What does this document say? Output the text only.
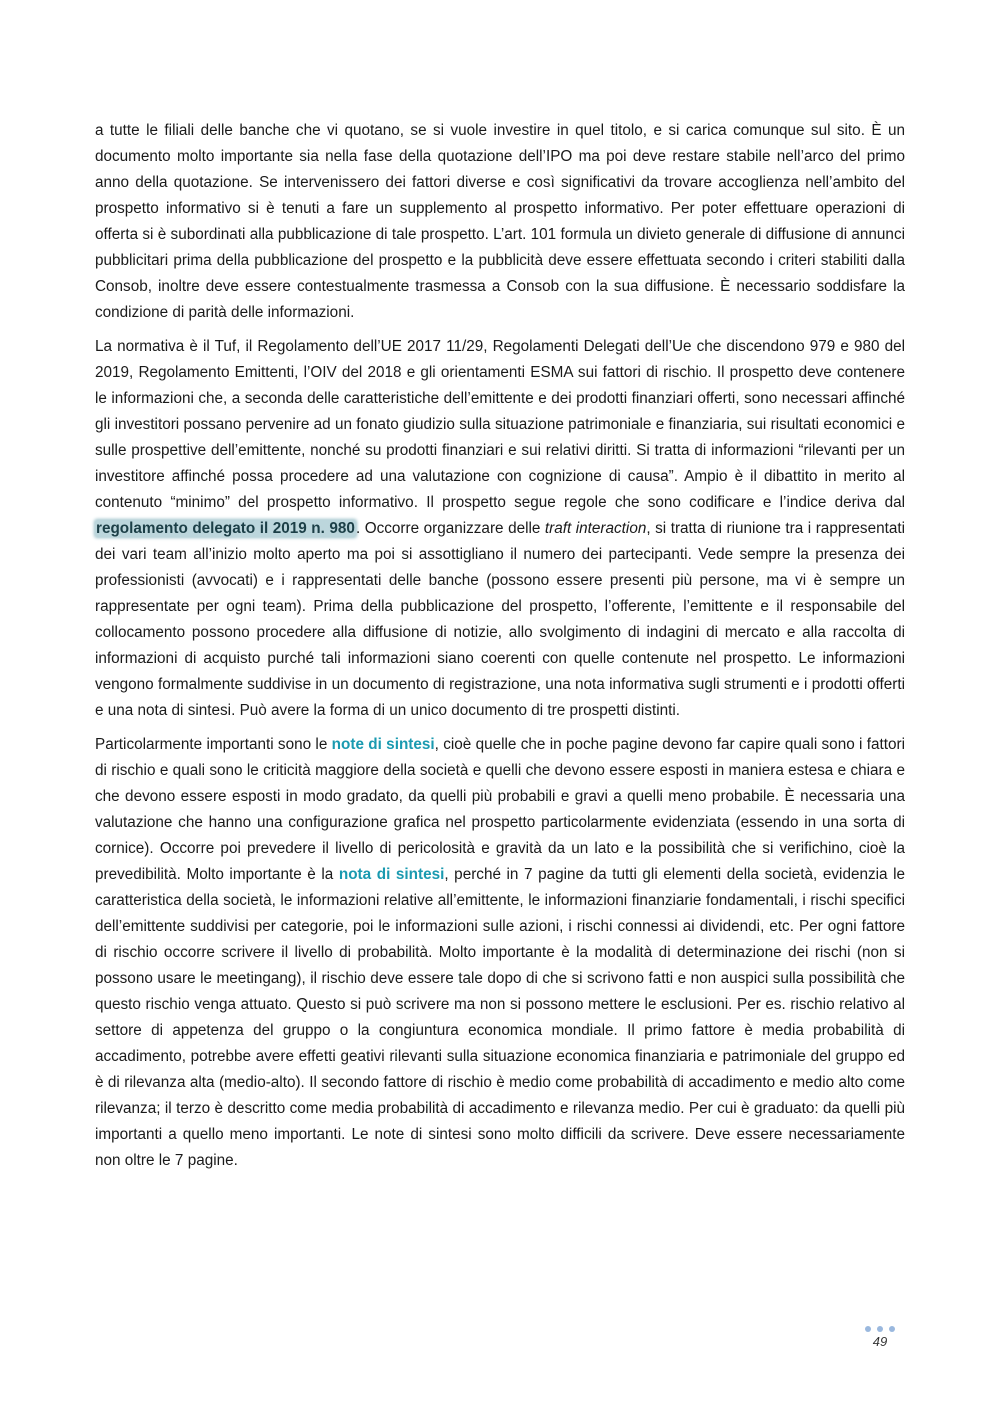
a tutte le filiali delle banche che vi quotano, se si vuole investire in quel titolo, e si carica comunque sul sito. È un documento molto importante sia nella fase della quotazione dell’IPO ma poi deve restare stabile nell’arco del primo anno della quotazione. Se intervenissero dei fattori diverse e così significativi da trovare accoglienza nell’ambito del prospetto informativo si è tenuti a fare un supplemento al prospetto informativo. Per poter effettuare operazioni di offerta si è subordinati alla pubblicazione di tale prospetto. L’art. 101 formula un divieto generale di diffusione di annunci pubblicitari prima della pubblicazione del prospetto e la pubblicità deve essere effettuata secondo i criteri stabiliti dalla Consob, inoltre deve essere contestualmente trasmessa a Consob con la sua diffusione. È necessario soddisfare la condizione di parità delle informazioni.

La normativa è il Tuf, il Regolamento dell’UE 2017 11/29, Regolamenti Delegati dell’Ue che discendono 979 e 980 del 2019, Regolamento Emittenti, l’OIV del 2018 e gli orientamenti ESMA sui fattori di rischio. Il prospetto deve contenere le informazioni che, a seconda delle caratteristiche dell’emittente e dei prodotti finanziari offerti, sono necessari affinché gli investitori possano pervenire ad un fonato giudizio sulla situazione patrimoniale e finanziaria, sui risultati economici e sulle prospettive dell’emittente, nonché su prodotti finanziari e sui relativi diritti. Si tratta di informazioni “rilevanti per un investitore affinché possa procedere ad una valutazione con cognizione di causa”. Ampio è il dibattito in merito al contenuto “minimo” del prospetto informativo. Il prospetto segue regole che sono codificare e l’indice deriva dal regolamento delegato il 2019 n. 980. Occorre organizzare delle traft interaction, si tratta di riunione tra i rappresentati dei vari team all’inizio molto aperto ma poi si assottigliano il numero dei partecipanti. Vede sempre la presenza dei professionisti (avvocati) e i rappresentati delle banche (possono essere presenti più persone, ma vi è sempre un rappresentate per ogni team). Prima della pubblicazione del prospetto, l’offerente, l’emittente e il responsabile del collocamento possono procedere alla diffusione di notizie, allo svolgimento di indagini di mercato e alla raccolta di informazioni di acquisto purché tali informazioni siano coerenti con quelle contenute nel prospetto. Le informazioni vengono formalmente suddivise in un documento di registrazione, una nota informativa sugli strumenti e i prodotti offerti e una nota di sintesi. Può avere la forma di un unico documento di tre prospetti distinti.

Particolarmente importanti sono le note di sintesi, cioè quelle che in poche pagine devono far capire quali sono i fattori di rischio e quali sono le criticità maggiore della società e quelli che devono essere esposti in maniera estesa e chiara e che devono essere esposti in modo gradato, da quelli più probabili e gravi a quelli meno probabile. È necessaria una valutazione che hanno una configurazione grafica nel prospetto particolarmente evidenziata (essendo in una sorta di cornice). Occorre poi prevedere il livello di pericolosità e gravità da un lato e la possibilità che si verifichino, cioè la prevedibilità. Molto importante è la nota di sintesi, perché in 7 pagine da tutti gli elementi della società, evidenzia le caratteristica della società, le informazioni relative all’emittente, le informazioni finanziarie fondamentali, i rischi specifici dell’emittente suddivisi per categorie, poi le informazioni sulle azioni, i rischi connessi ai dividendi, etc. Per ogni fattore di rischio occorre scrivere il livello di probabilità. Molto importante è la modalità di determinazione dei rischi (non si possono usare le meetingang), il rischio deve essere tale dopo di che si scrivono fatti e non auspici sulla possibilità che questo rischio venga attuato. Questo si può scrivere ma non si possono mettere le esclusioni. Per es. rischio relativo al settore di appetenza del gruppo o la congiuntura economica mondiale. Il primo fattore è media probabilità di accadimento, potrebbe avere effetti geativi rilevanti sulla situazione economica finanziaria e patrimoniale del gruppo ed è di rilevanza alta (medio-alto). Il secondo fattore di rischio è medio come probabilità di accadimento e medio alto come rilevanza; il terzo è descritto come media probabilità di accadimento e rilevanza medio. Per cui è graduato: da quelli più importanti a quello meno importanti. Le note di sintesi sono molto difficili da scrivere. Deve essere necessariamente non oltre le 7 pagine.

49
